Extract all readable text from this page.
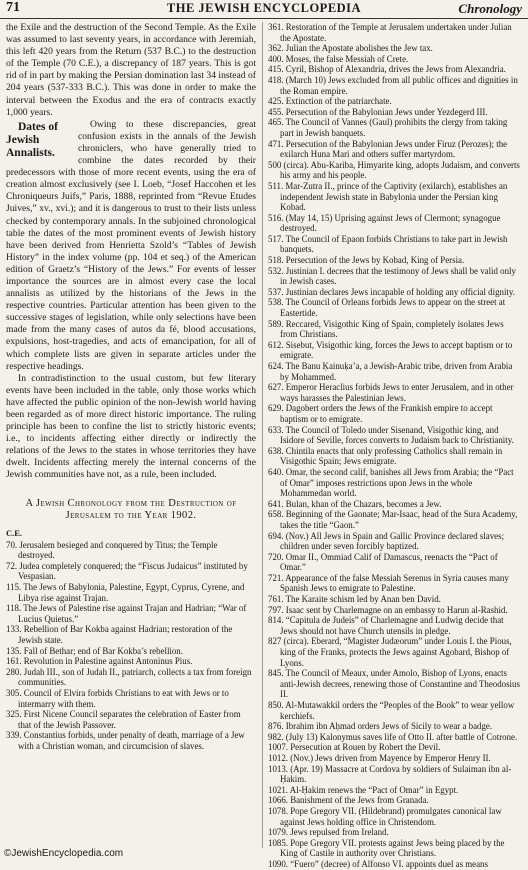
71	THE JEWISH ENCYCLOPEDIA	Chronology

the Exile and the destruction of the Second Temple. As the Exile was assumed to last seventy years, in accordance with Jeremiah, this left 420 years from the Return (537 B.C.) to the destruction of the Temple (70 C.E.), a discrepancy of 187 years. This is got rid of in part by making the Persian domination last 34 instead of 204 years (537-333 B.C.). This was done in order to make the interval between the Exodus and the era of contracts exactly 1,000 years.

Dates of Jewish Annalists.
Owing to these discrepancies, great confusion exists in the annals of the Jewish chroniclers, who have generally tried to combine the dates recorded by their predecessors with those of more recent events, using the era of creation almost exclusively (see I. Loeb, “Josef Haccohen et les Chroniqueurs Juifs,” Paris, 1888, reprinted from “Revue Etudes Juives,” xv., xvi.); and it is dangerous to trust to their lists unless checked by contemporary annals. In the subjoined chronological table the dates of the most prominent events of Jewish history have been derived from Henrietta Szold’s “Tables of Jewish History” in the index volume (pp. 104 et seq.) of the American edition of Graetz’s “History of the Jews.” For events of lesser importance the sources are in almost every case the local annalists as utilized by the historians of the Jews in the respective countries. Particular attention has been given to the successive stages of legislation, while only selections have been made from the many cases of autos da fé, blood accusations, expulsions, host-tragedies, and acts of emancipation, for all of which complete lists are given in separate articles under the respective headings.

In contradistinction to the usual custom, but few literary events have been included in the table, only those works which have affected the public opinion of the non-Jewish world having been regarded as of more direct historic importance. The ruling principle has been to confine the list to strictly historic events; i.e., to incidents affecting either directly or indirectly the relations of the Jews to the states in whose territories they have dwelt. Incidents affecting merely the internal concerns of the Jewish communities have not, as a rule, been included.

A Jewish Chronology from the Destruction of Jerusalem to the Year 1902.
C.E.
70. Jerusalem besieged and conquered by Titus; the Temple destroyed.
72. Judea completely conquered; the “Fiscus Judaicus” instituted by Vespasian.
115. The Jews of Babylonia, Palestine, Egypt, Cyprus, Cyrene, and Libya rise against Trajan.
118. The Jews of Palestine rise against Trajan and Hadrian; “War of Lucius Quietus.”
133. Rebellion of Bar Kokba against Hadrian; restoration of the Jewish state.
135. Fall of Bethar; end of Bar Kokba’s rebellion.
161. Revolution in Palestine against Antoninus Pius.
280. Judah III., son of Judah II., patriarch, collects a tax from foreign communities.
305. Council of Elvira forbids Christians to eat with Jews or to intermarry with them.
325. First Nicene Council separates the celebration of Easter from that of the Jewish Passover.
339. Constantius forbids, under penalty of death, marriage of a Jew with a Christian woman, and circumcision of slaves.
361. Restoration of the Temple at Jerusalem undertaken under Julian the Apostate.
362. Julian the Apostate abolishes the Jew tax.
400. Moses, the false Messiah of Crete.
415. Cyril, Bishop of Alexandria, drives the Jews from Alexandria.
418. (March 10) Jews excluded from all public offices and dignities in the Roman empire.
425. Extinction of the patriarchate.
455. Persecution of the Babylonian Jews under Yezdegerd III.
465. The Council of Vannes (Gaul) prohibits the clergy from taking part in Jewish banquets.
471. Persecution of the Babylonian Jews under Firuz (Perozes); the exilarch Huna Mari and others suffer martyrdom.
500 (circa). Abu-Kariba, Himyarite king, adopts Judaism, and converts his army and his people.
511. Mar-Zutra II., prince of the Captivity (exilarch), establishes an independent Jewish state in Babylonia under the Persian king Kobad.
516. (May 14, 15) Uprising against Jews of Clermont; synagogue destroyed.
517. The Council of Epaon forbids Christians to take part in Jewish banquets.
518. Persecution of the Jews by Kobad, King of Persia.
532. Justinian I. decrees that the testimony of Jews shall be valid only in Jewish cases.
537. Justinian declares Jews incapable of holding any official dignity.
538. The Council of Orleans forbids Jews to appear on the street at Eastertide.
589. Reccared, Visigothic King of Spain, completely isolates Jews from Christians.
612. Sisebut, Visigothic king, forces the Jews to accept baptism or to emigrate.
624. The Banu Ḳainuḳa’a, a Jewish-Arabic tribe, driven from Arabia by Mohammed.
627. Emperor Heraclius forbids Jews to enter Jerusalem, and in other ways harasses the Palestinian Jews.
629. Dagobert orders the Jews of the Frankish empire to accept baptism or to emigrate.
633. The Council of Toledo under Sisenand, Visigothic king, and Isidore of Seville, forces converts to Judaism back to Christianity.
638. Chintila enacts that only professing Catholics shall remain in Visigothic Spain; Jews emigrate.
640. Omar, the second calif, banishes all Jews from Arabia; the “Pact of Omar” imposes restrictions upon Jews in the whole Mohammedan world.
641. Bulan, khan of the Chazars, becomes a Jew.
658. Beginning of the Gaonate; Mar-Isaac, head of the Sura Academy, takes the title “Gaon.”
694. (Nov.) All Jews in Spain and Gallic Province declared slaves; children under seven forcibly baptized.
720. Omar II., Ommiad Calif of Damascus, reenacts the “Pact of Omar.”
721. Appearance of the false Messiah Serenus in Syria causes many Spanish Jews to emigrate to Palestine.
761. The Karaite schism led by Anan ben David.
797. Isaac sent by Charlemagne on an embassy to Harun al-Rashid.
814. “Capitula de Judeis” of Charlemagne and Ludwig decide that Jews should not have Church utensils in pledge.
827 (circa). Eberard, “Magister Judæorum” under Louis I. the Pious, king of the Franks, protects the Jews against Agobard, Bishop of Lyons.
845. The Council of Meaux, under Amolo, Bishop of Lyons, enacts anti-Jewish decrees, renewing those of Constantine and Theodosius II.
850. Al-Mutawakkil orders the “Peoples of the Book” to wear yellow kerchiefs.
876. Ibrahim ibn Aḥmad orders Jews of Sicily to wear a badge.
982. (July 13) Kalonymus saves life of Otto II. after battle of Cotrone.
1007. Persecution at Rouen by Robert the Devil.
1012. (Nov.) Jews driven from Mayence by Emperor Henry II.
1013. (Apr. 19) Massacre at Cordova by soldiers of Sulaiman ibn al-Ḥakim.
1021. Al-Ḥakim renews the “Pact of Omar” in Egypt.
1066. Banishment of the Jews from Granada.
1078. Pope Gregory VII. (Hildebrand) promulgates canonical law against Jews holding office in Christendom.
1079. Jews repulsed from Ireland.
1085. Pope Gregory VII. protests against Jews being placed by the King of Castile in authority over Christians.
1090. “Fuero” (decree) of Alfonso VI. appoints duel as means
©JewishEncyclopedia.com
